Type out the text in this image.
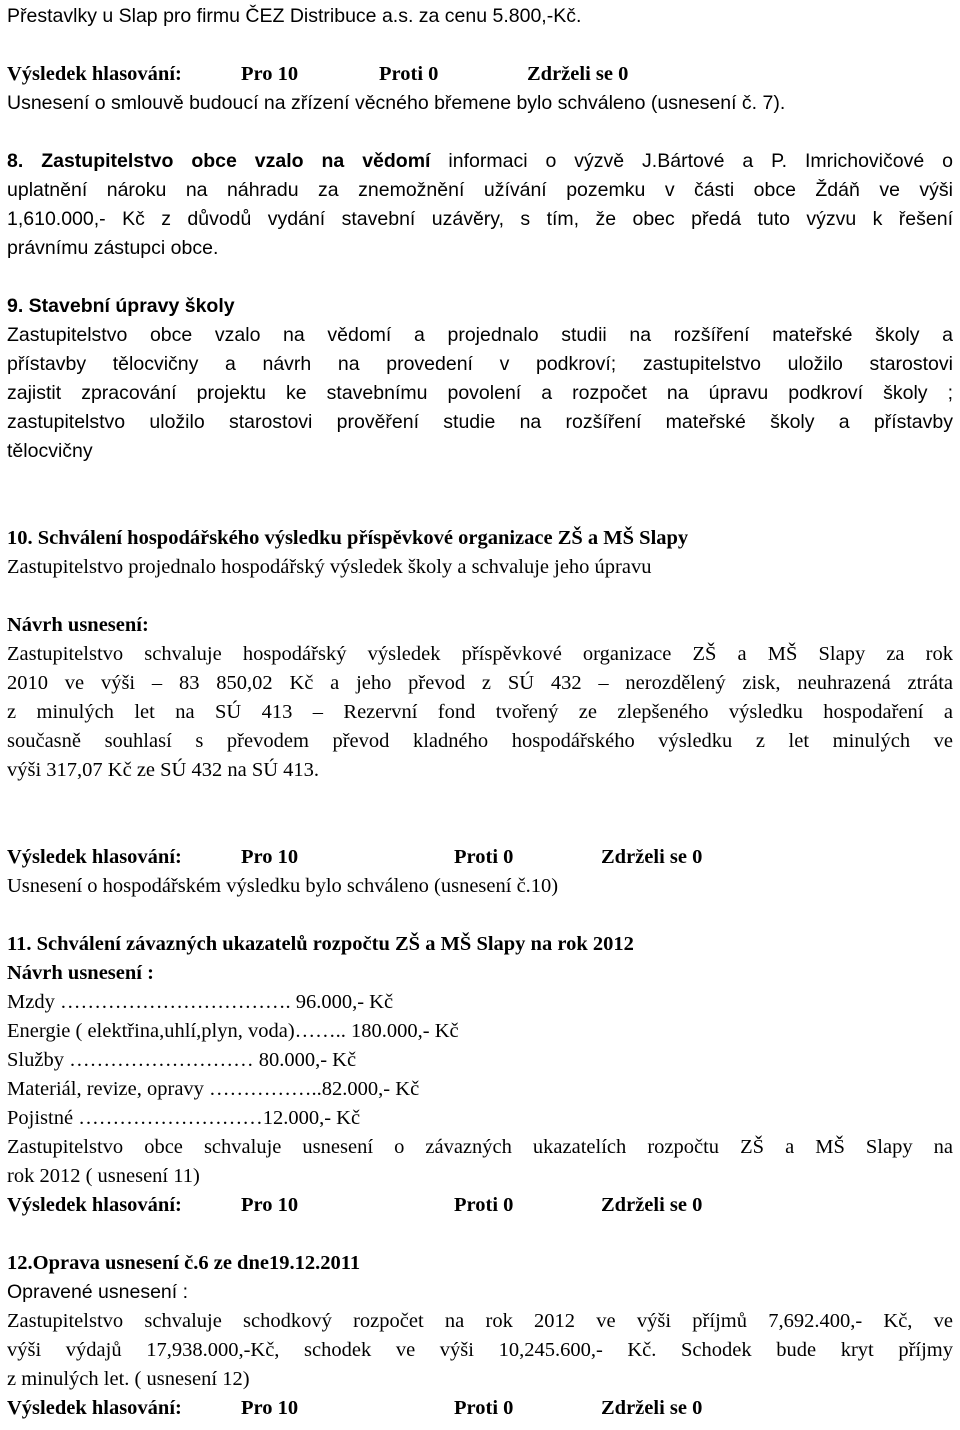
Přestavlky u Slap pro firmu ČEZ Distribuce a.s. za cenu 5.800,-Kč.
Výsledek hlasování:	Pro 10	Proti 0	Zdrželi se 0
Usnesení o smlouvě budoucí na zřízení věcného břemene bylo schváleno (usnesení č. 7).
8. Zastupitelstvo obce vzalo na vědomí informaci o výzvě J.Bártové a P. Imrichovičové o
uplatnění nároku na náhradu za znemožnění užívání pozemku v části obce Ždáň ve výši
1,610.000,- Kč z důvodů vydání stavební uzávěry, s tím, že obec předá tuto výzvu k řešení
právnímu zástupci obce.
9. Stavební úpravy školy
Zastupitelstvo obce vzalo na vědomí a projednalo studii na rozšíření mateřské školy a
přístavby tělocvičny a návrh na provedení v podkroví; zastupitelstvo uložilo starostovi
zajistit zpracování projektu ke stavebnímu povolení a rozpočet na úpravu podkroví školy ;
zastupitelstvo uložilo starostovi prověření studie na rozšíření mateřské školy a přístavby
tělocvičny
10. Schválení hospodářského výsledku příspěvkové organizace ZŠ a MŠ Slapy
Zastupitelstvo projednalo hospodářský výsledek školy a schvaluje jeho úpravu
Návrh usnesení:
Zastupitelstvo schvaluje hospodářský výsledek příspěvkové organizace ZŠ a MŠ Slapy za rok
2010 ve výši – 83 850,02 Kč a jeho převod z SÚ 432 – nerozdělený zisk, neuhrazená ztráta
z minulých let na SÚ 413 – Rezervní fond tvořený ze zlepšeného výsledku hospodaření a
současně souhlasí s převodem převod kladného hospodářského výsledku z let minulých ve
výši 317,07 Kč ze SÚ 432 na SÚ 413.
Výsledek hlasování:	Pro 10	Proti 0	Zdrželi se 0
Usnesení o hospodářském výsledku bylo schváleno (usnesení č.10)
11. Schválení závazných ukazatelů rozpočtu ZŠ a MŠ Slapy na rok 2012
Návrh usnesení :
Mzdy ……………………………. 96.000,- Kč
Energie ( elektřina,uhlí,plyn, voda)…….. 180.000,- Kč
Služby ……………………… 80.000,- Kč
Materiál, revize, opravy ……………..82.000,- Kč
Pojistné ………………………12.000,- Kč
Zastupitelstvo obce schvaluje usnesení o závazných ukazatelích rozpočtu ZŠ a MŠ Slapy na
rok 2012 ( usnesení 11)
Výsledek hlasování:	Pro 10	Proti 0	Zdrželi se 0
12.Oprava usnesení č.6 ze dne19.12.2011
Opravené usnesení :
Zastupitelstvo schvaluje schodkový rozpočet na rok 2012 ve výši příjmů 7,692.400,- Kč, ve
výši výdajů 17,938.000,-Kč, schodek ve výši 10,245.600,- Kč. Schodek bude kryt příjmy
z minulých let. ( usnesení 12)
Výsledek hlasování:	Pro 10	Proti 0	Zdrželi se 0
